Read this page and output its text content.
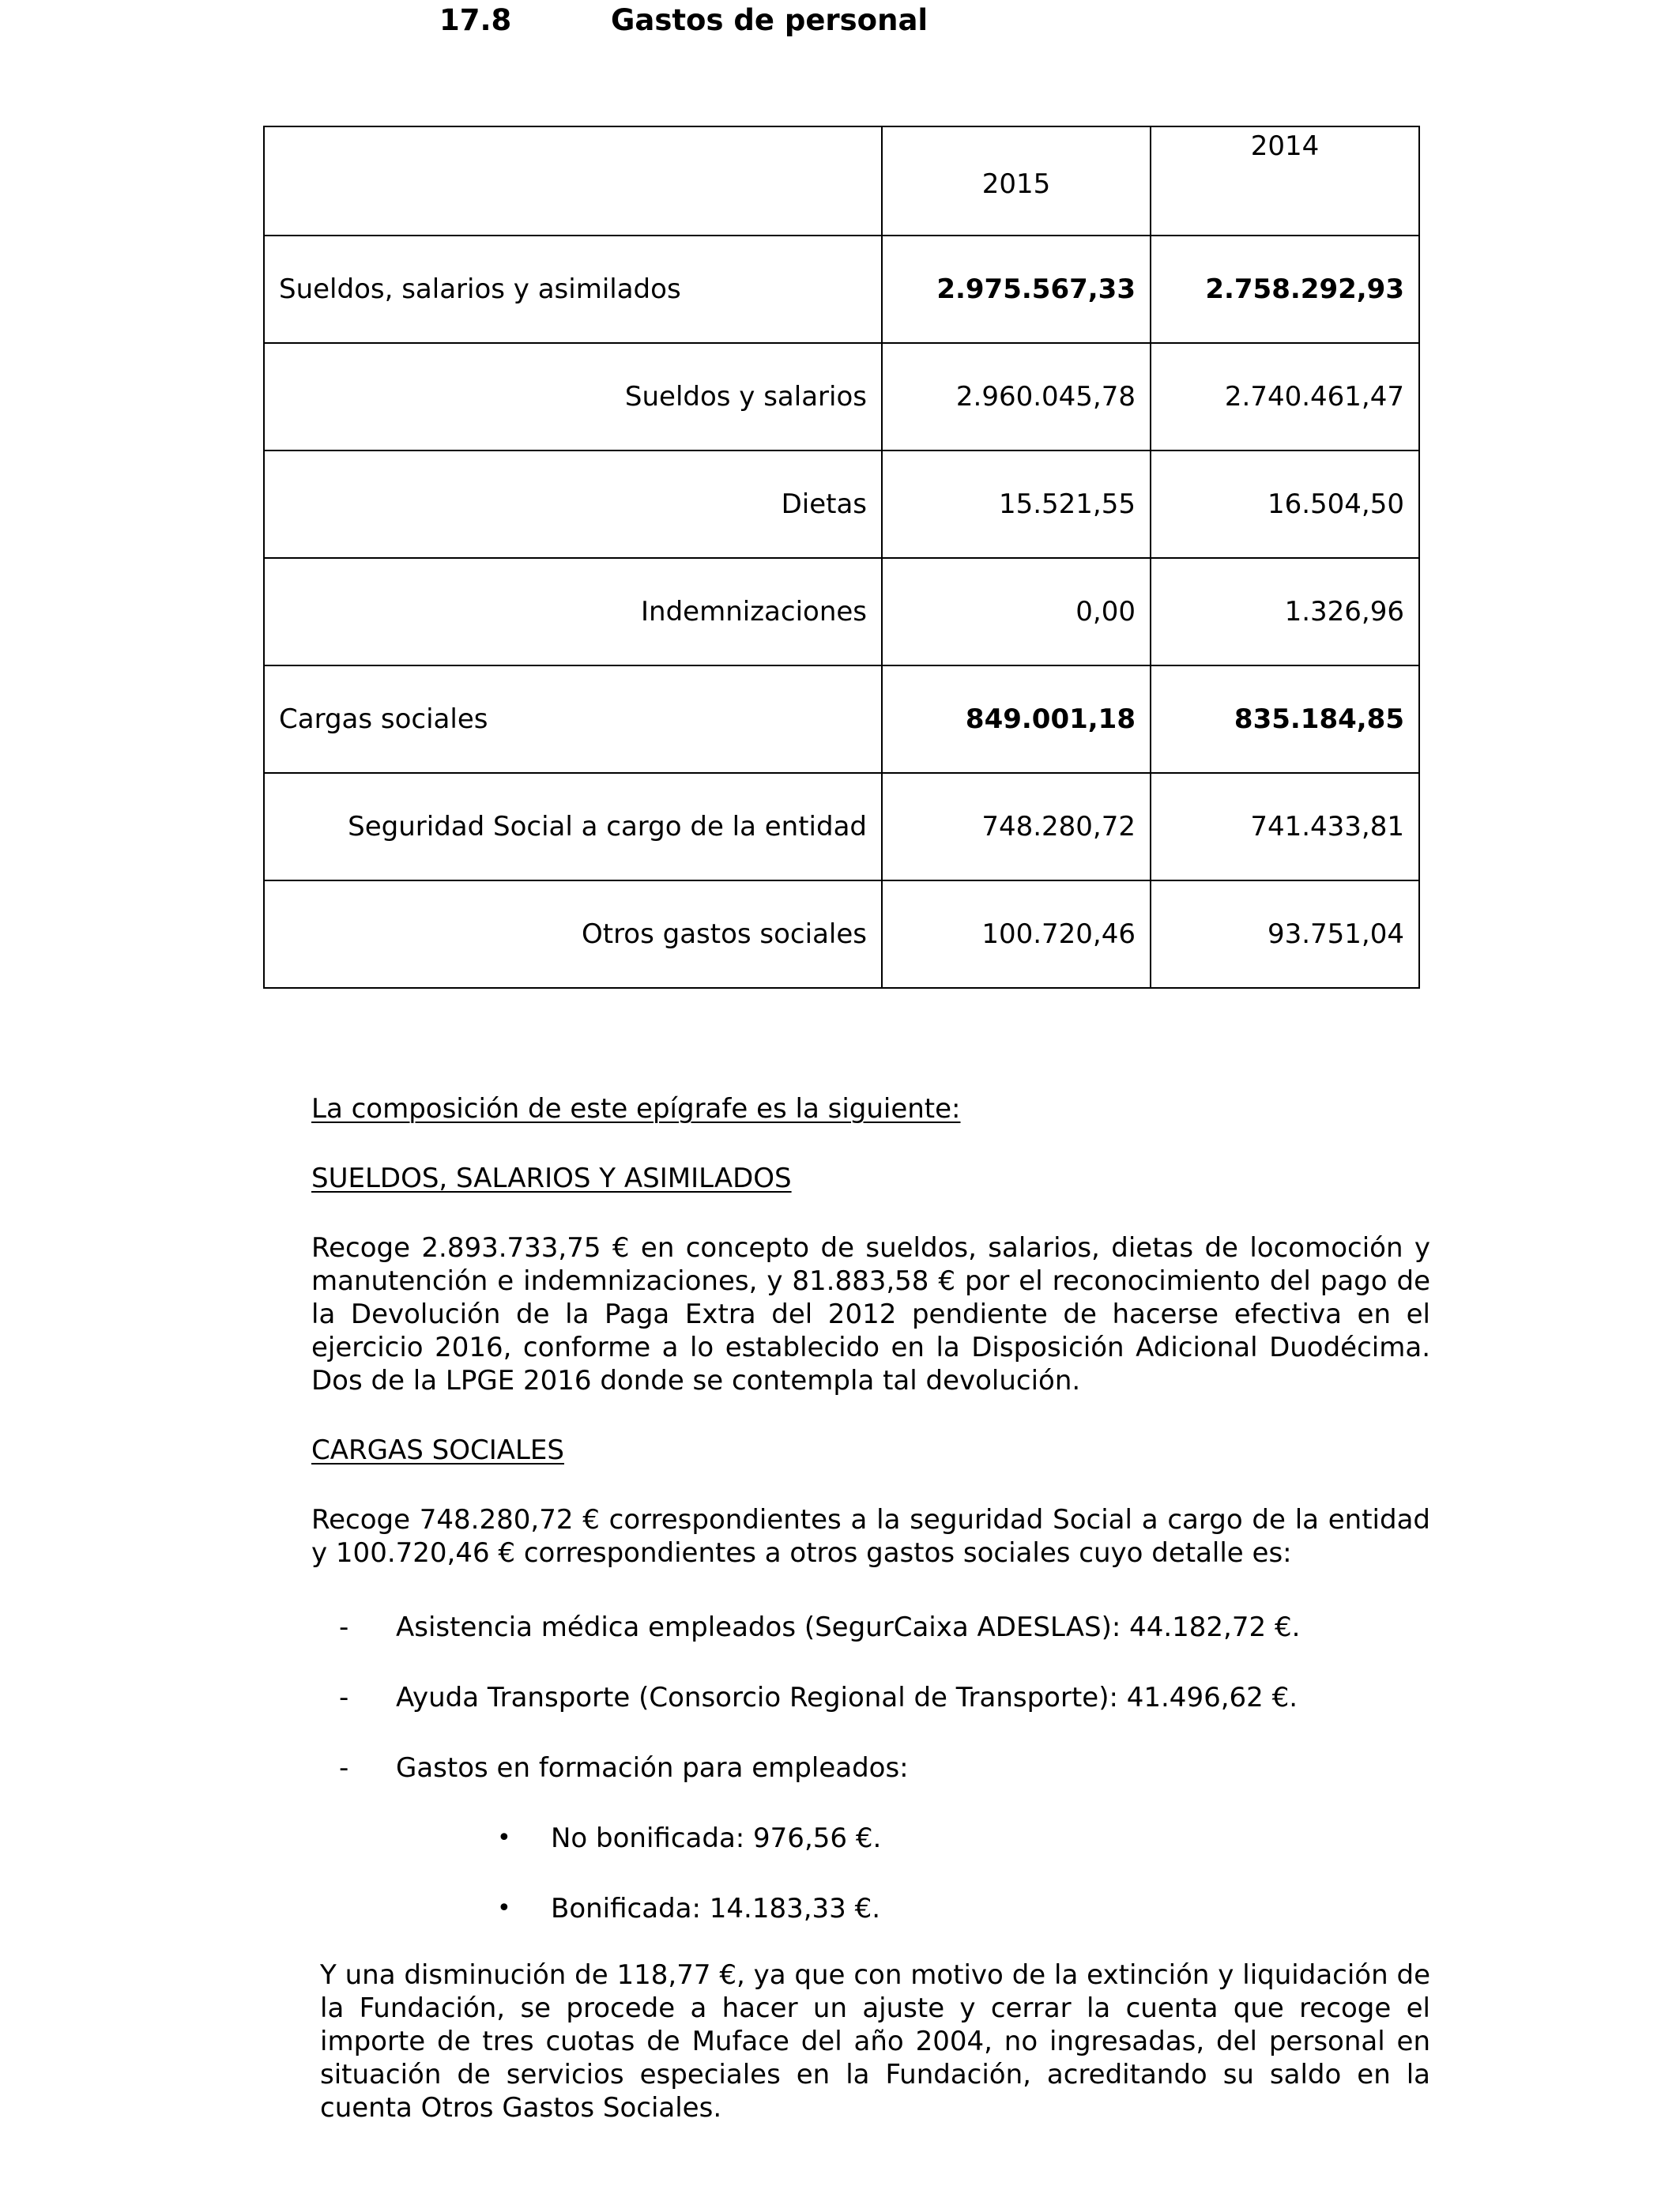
17.8	Gastos de personal
	2015	2014
Sueldos, salarios y asimilados	2.975.567,33	2.758.292,93
Sueldos y salarios	2.960.045,78	2.740.461,47
Dietas	15.521,55	16.504,50
Indemnizaciones	0,00	1.326,96
Cargas sociales	849.001,18	835.184,85
Seguridad Social a cargo de la entidad	748.280,72	741.433,81
Otros gastos sociales	100.720,46	93.751,04
La composición de este epígrafe es la siguiente:
SUELDOS, SALARIOS Y ASIMILADOS
Recoge 2.893.733,75 € en concepto de sueldos, salarios, dietas de locomoción y
manutención e indemnizaciones, y 81.883,58 € por el reconocimiento del pago de
la Devolución de la Paga Extra del 2012 pendiente de hacerse efectiva en el
ejercicio 2016, conforme a lo establecido en la Disposición Adicional Duodécima.
Dos de la LPGE 2016 donde se contempla tal devolución.
CARGAS SOCIALES
Recoge 748.280,72 € correspondientes a la seguridad Social a cargo de la entidad
y 100.720,46 € correspondientes a otros gastos sociales cuyo detalle es:
- Asistencia médica empleados (SegurCaixa ADESLAS): 44.182,72 €.
- Ayuda Transporte (Consorcio Regional de Transporte): 41.496,62 €.
- Gastos en formación para empleados:
• No bonificada: 976,56 €.
• Bonificada: 14.183,33 €.
Y una disminución de 118,77 €, ya que con motivo de la extinción y liquidación de
la Fundación, se procede a hacer un ajuste y cerrar la cuenta que recoge el
importe de tres cuotas de Muface del año 2004, no ingresadas, del personal en
situación de servicios especiales en la Fundación, acreditando su saldo en la
cuenta Otros Gastos Sociales.
